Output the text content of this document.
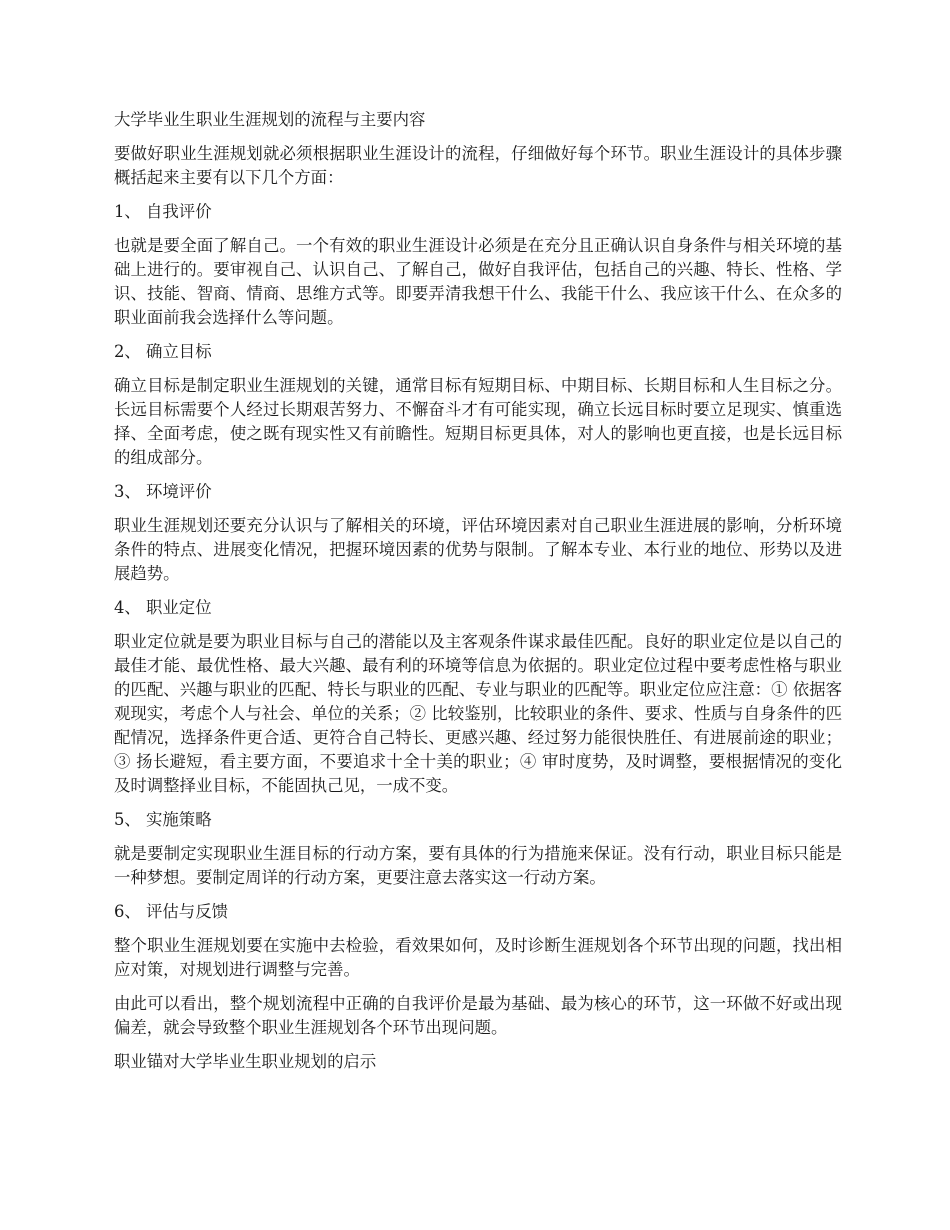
大学毕业生职业生涯规划的流程与主要内容

要做好职业生涯规划就必须根据职业生涯设计的流程，仔细做好每个环节。职业生涯设计的具体步骤概括起来主要有以下几个方面：

1、 自我评价

也就是要全面了解自己。一个有效的职业生涯设计必须是在充分且正确认识自身条件与相关环境的基础上进行的。要审视自己、认识自己、了解自己，做好自我评估，包括自己的兴趣、特长、性格、学识、技能、智商、情商、思维方式等。即要弄清我想干什么、我能干什么、我应该干什么、在众多的职业面前我会选择什么等问题。

2、 确立目标

确立目标是制定职业生涯规划的关键，通常目标有短期目标、中期目标、长期目标和人生目标之分。长远目标需要个人经过长期艰苦努力、不懈奋斗才有可能实现，确立长远目标时要立足现实、慎重选择、全面考虑，使之既有现实性又有前瞻性。短期目标更具体，对人的影响也更直接，也是长远目标的组成部分。

3、 环境评价

职业生涯规划还要充分认识与了解相关的环境，评估环境因素对自己职业生涯进展的影响，分析环境条件的特点、进展变化情况，把握环境因素的优势与限制。了解本专业、本行业的地位、形势以及进展趋势。

4、 职业定位

职业定位就是要为职业目标与自己的潜能以及主客观条件谋求最佳匹配。良好的职业定位是以自己的最佳才能、最优性格、最大兴趣、最有利的环境等信息为依据的。职业定位过程中要考虑性格与职业的匹配、兴趣与职业的匹配、特长与职业的匹配、专业与职业的匹配等。职业定位应注意：① 依据客观现实，考虑个人与社会、单位的关系；② 比较鉴别，比较职业的条件、要求、性质与自身条件的匹配情况，选择条件更合适、更符合自己特长、更感兴趣、经过努力能很快胜任、有进展前途的职业；③ 扬长避短，看主要方面，不要追求十全十美的职业；④ 审时度势，及时调整，要根据情况的变化及时调整择业目标，不能固执己见，一成不变。

5、 实施策略

就是要制定实现职业生涯目标的行动方案，要有具体的行为措施来保证。没有行动，职业目标只能是一种梦想。要制定周详的行动方案，更要注意去落实这一行动方案。

6、 评估与反馈

整个职业生涯规划要在实施中去检验，看效果如何，及时诊断生涯规划各个环节出现的问题，找出相应对策，对规划进行调整与完善。

由此可以看出，整个规划流程中正确的自我评价是最为基础、最为核心的环节，这一环做不好或出现偏差，就会导致整个职业生涯规划各个环节出现问题。

职业锚对大学毕业生职业规划的启示
